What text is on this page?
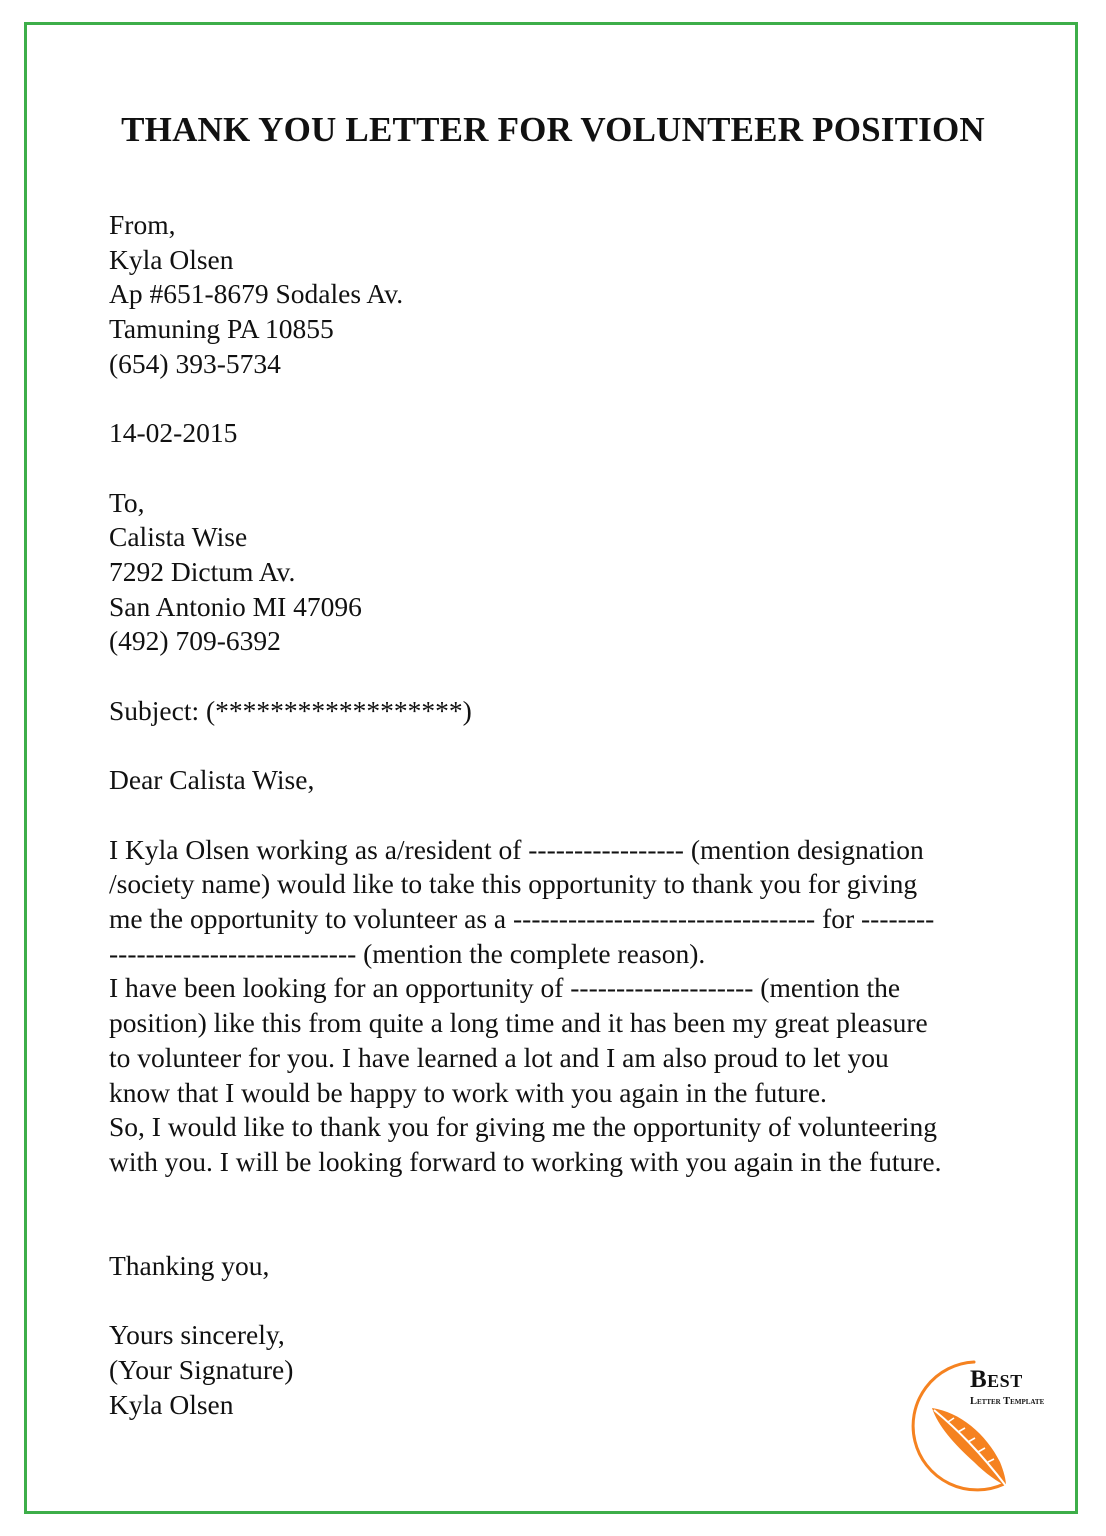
THANK YOU LETTER FOR VOLUNTEER POSITION
From,
Kyla Olsen
Ap #651-8679 Sodales Av.
Tamuning PA 10855
(654) 393-5734
14-02-2015
To,
Calista Wise
7292 Dictum Av.
San Antonio MI 47096
(492) 709-6392
Subject: (******************)
Dear Calista Wise,
I Kyla Olsen working as a/resident of ----------------- (mention designation
/society name) would like to take this opportunity to thank you for giving
me the opportunity to volunteer as a --------------------------------- for --------
--------------------------- (mention the complete reason).
I have been looking for an opportunity of -------------------- (mention the
position) like this from quite a long time and it has been my great pleasure
to volunteer for you. I have learned a lot and I am also proud to let you
know that I would be happy to work with you again in the future.
So, I would like to thank you for giving me the opportunity of volunteering
with you. I will be looking forward to working with you again in the future.
Thanking you,
Yours sincerely,
(Your Signature)
Kyla Olsen
Best
Letter Template
